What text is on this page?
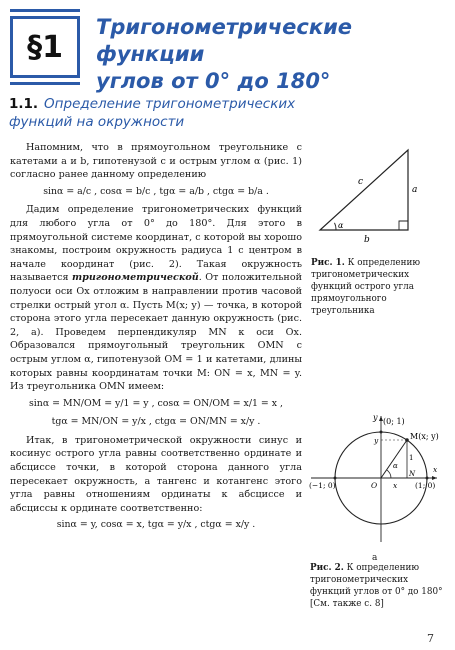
§1
Тригонометрические функции
углов от 0° до 180°
1.1. Определение тригонометрических функций на окружности

Напомним, что в прямоугольном треугольнике с катетами a и b, гипотенузой c и острым углом α (рис. 1) согласно ранее данному определению

sinα = a/c , cosα = b/c , tgα = a/b , ctgα = b/a .

Дадим определение тригонометрических функций для любого угла от 0° до 180°. Для этого в прямоугольной системе координат, с которой вы хорошо знакомы, построим окружность радиуса 1 с центром в начале координат (рис. 2). Такая окружность называется тригонометрической. От положительной полуоси оси Ox отложим в направлении против часовой стрелки острый угол α. Пусть M(x; y) — точка, в которой сторона этого угла пересекает данную окружность (рис. 2, а). Проведем перпендикуляр MN к оси Ox. Образовался прямоугольный треугольник OMN с острым углом α, гипотенузой OM = 1 и катетами, длины которых равны координатам точки M: ON = x, MN = y. Из треугольника OMN имеем:

sinα = MN/OM = y/1 = y , cosα = ON/OM = x/1 = x ,
tgα = MN/ON = y/x , ctgα = ON/MN = x/y .

Итак, в тригонометрической окружности синус и косинус острого угла равны соответственно ординате и абсциссе точки, в которой сторона данного угла пересекает окружность, а тангенс и котангенс этого угла равны отношениям ординаты к абсциссе и абсциссы к ординате соответственно:

sinα = y, cosα = x, tgα = y/x , ctgα = x/y .
α
a
b
c
Рис. 1. К определению тригонометрических функций острого угла прямоугольного треугольника
y (0; 1)
M(x; y)
y
1
α
(−1; 0)	O
N
x (1; 0)
x
а
Рис. 2. К определению тригонометрических функций углов от 0° до 180° [См. также с. 8]
7
